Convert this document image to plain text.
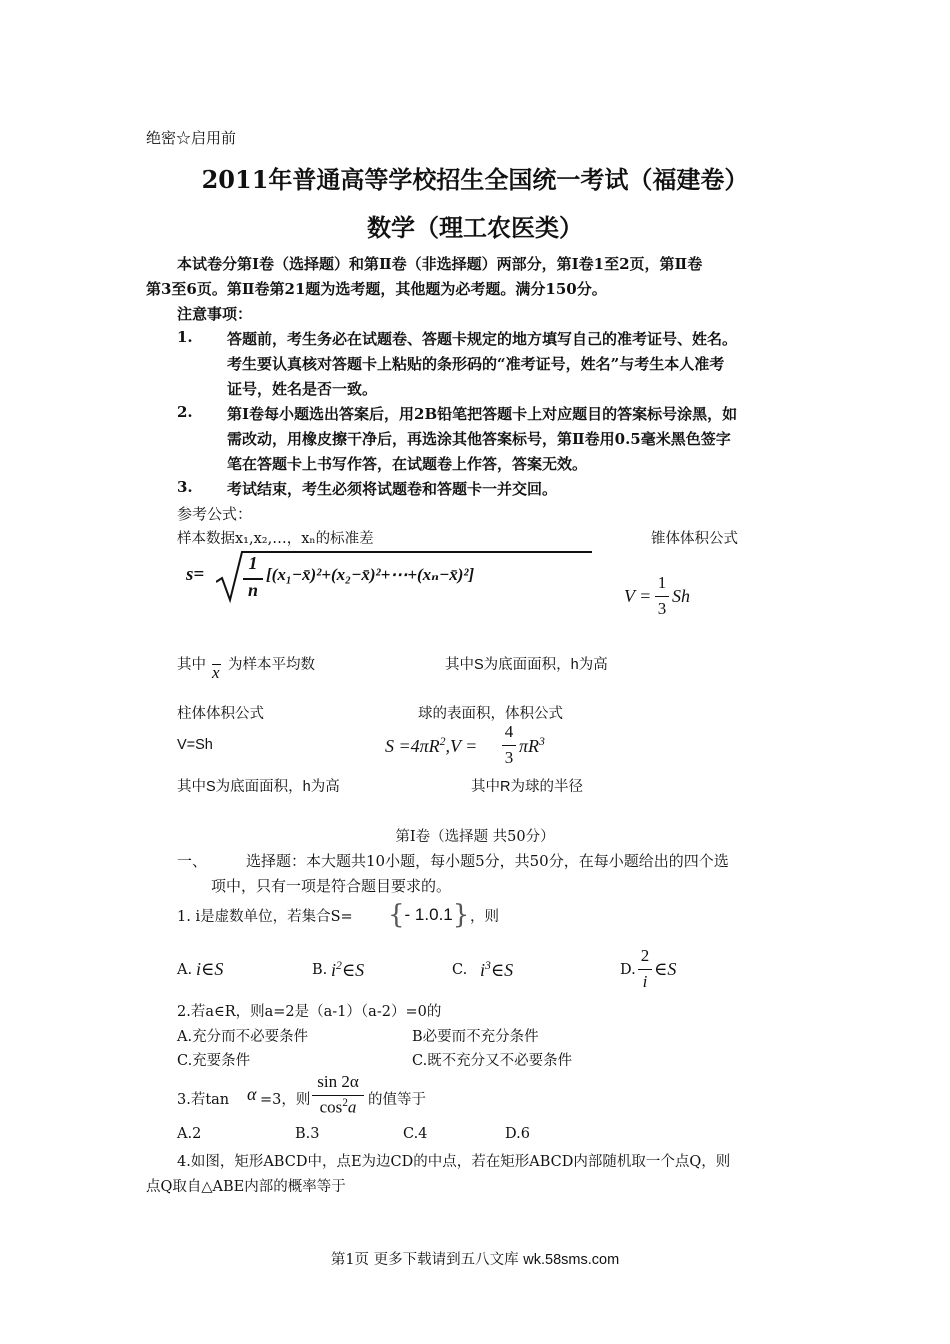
绝密☆启用前
2011年普通高等学校招生全国统一考试（福建卷）
数学（理工农医类）
本试卷分第Ⅰ卷（选择题）和第Ⅱ卷（非选择题）两部分，第Ⅰ卷1至2页，第Ⅱ卷
第3至6页。第Ⅱ卷第21题为选考题，其他题为必考题。满分150分。
注意事项：
1. 答题前，考生务必在试题卷、答题卡规定的地方填写自己的准考证号、姓名。
考生要认真核对答题卡上粘贴的条形码的“准考证号，姓名”与考生本人准考
证号，姓名是否一致。
2. 第Ⅰ卷每小题选出答案后，用2B铅笔把答题卡上对应题目的答案标号涂黑，如
需改动，用橡皮擦干净后，再选涂其他答案标号，第Ⅱ卷用0.5毫米黑色签字
笔在答题卡上书写作答，在试题卷上作答，答案无效。
3. 考试结束，考生必须将试题卷和答题卡一并交回。
参考公式：
样本数据x₁,x₂,…，xₙ的标准差	锥体体积公式
s=
1
n
[(x₁−x̄)²+(x₂−x̄)²+⋯+(xₙ−x̄)²]
V =
1
3
Sh
其中 x 为样本平均数	其中S为底面面积，h为高
柱体体积公式	球的表面积，体积公式
V=Sh	$S =4\pi R^2,V$ =
4
3
$\pi R^3$
其中S为底面面积，h为高	其中R为球的半径
第Ⅰ卷（选择题 共50分）
一、	选择题：本大题共10小题，每小题5分，共50分，在每小题给出的四个选
项中，只有一项是符合题目要求的。
1. i是虚数单位，若集合S= {- 1.0.1} ，则
A. i∈S	B. $i^2\in S$	C. $i^3\in S$	D.
2
i
∈S
2.若a∈R，则a=2是（a-1）（a-2）=0的
A.充分而不必要条件	B必要而不充分条件
C.充要条件	C.既不充分又不必要条件
3.若tan α =3，则
sin 2α
$\cos^2a$ 的值等于
A.2	B.3	C.4	D.6
4.如图，矩形ABCD中，点E为边CD的中点，若在矩形ABCD内部随机取一个点Q，则
点Q取自△ABE内部的概率等于
第1页 更多下载请到五八文库 wk.58sms.com
